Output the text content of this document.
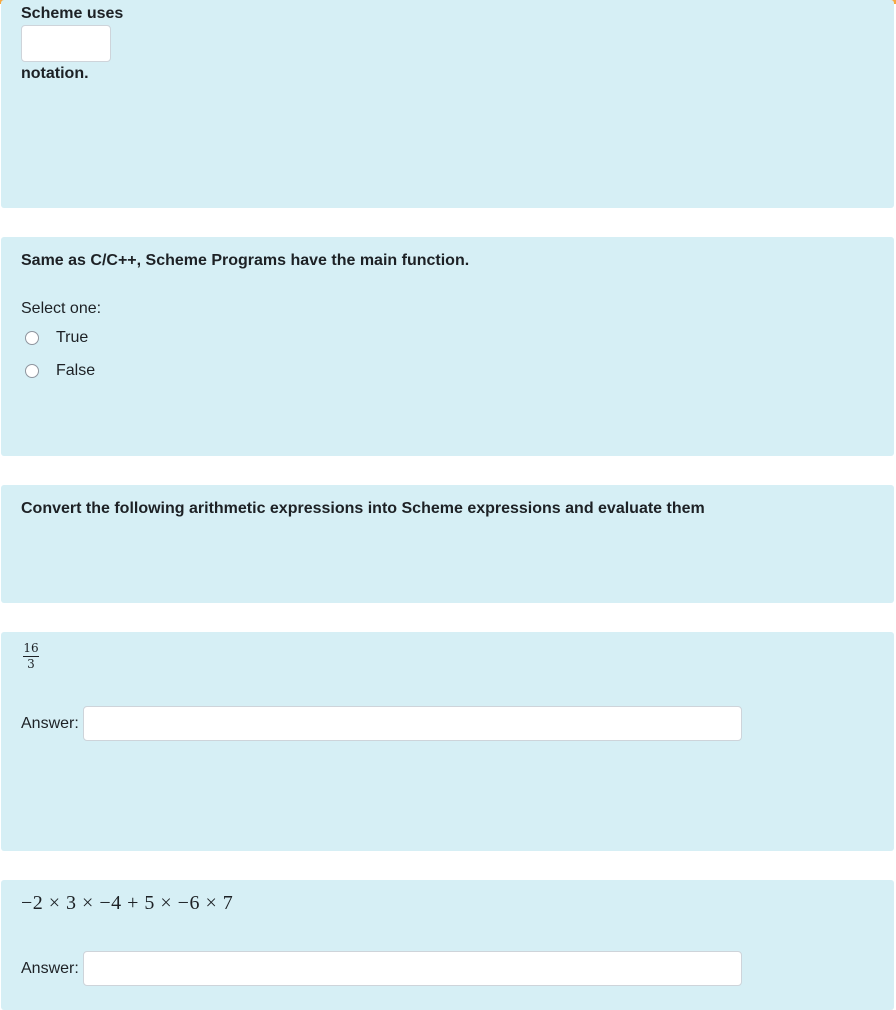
Scheme uses
notation.
Same as C/C++, Scheme Programs have the main function.
Select one:
True
False
Convert the following arithmetic expressions into Scheme expressions and evaluate them
$\frac{16}{3}$
Answer:
−2 × 3 × −4 + 5 × −6 × 7
Answer:
